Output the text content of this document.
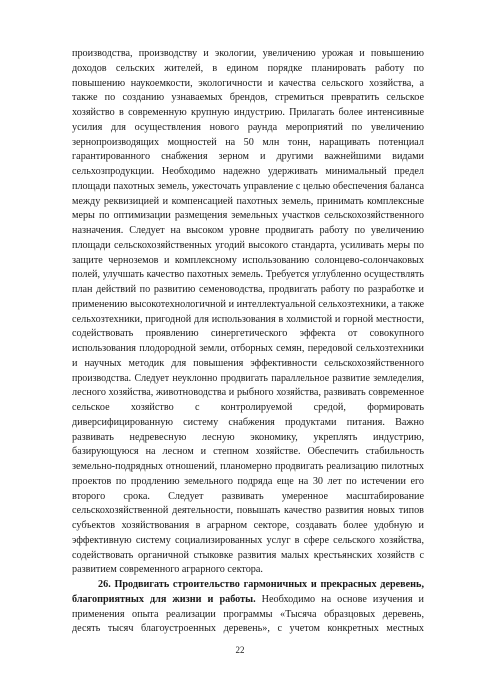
производства, производству и экологии, увеличению урожая и повышению
доходов сельских жителей, в едином порядке планировать работу по
повышению наукоемкости, экологичности и качества сельского хозяйства, а
также по созданию узнаваемых брендов, стремиться превратить сельское
хозяйство в современную крупную индустрию. Прилагать более интенсивные
усилия для осуществления нового раунда мероприятий по увеличению
зернопроизводящих мощностей на 50 млн тонн, наращивать потенциал
гарантированного снабжения зерном и другими важнейшими видами
сельхозпродукции. Необходимо надежно удерживать минимальный предел
площади пахотных земель, ужесточать управление с целью обеспечения баланса
между реквизицией и компенсацией пахотных земель, принимать комплексные
меры по оптимизации размещения земельных участков сельскохозяйственного
назначения. Следует на высоком уровне продвигать работу по увеличению
площади сельскохозяйственных угодий высокого стандарта, усиливать меры по
защите черноземов и комплексному использованию солонцево-солончаковых
полей, улучшать качество пахотных земель. Требуется углубленно осуществлять
план действий по развитию семеноводства, продвигать работу по разработке и
применению высокотехнологичной и интеллектуальной сельхозтехники, а также
сельхозтехники, пригодной для использования в холмистой и горной местности,
содействовать проявлению синергетического эффекта от совокупного
использования плодородной земли, отборных семян, передовой сельхозтехники
и научных методик для повышения эффективности сельскохозяйственного
производства. Следует неуклонно продвигать параллельное развитие земледелия,
лесного хозяйства, животноводства и рыбного хозяйства, развивать современное
сельское хозяйство с контролируемой средой, формировать
диверсифицированную систему снабжения продуктами питания. Важно
развивать недревесную лесную экономику, укреплять индустрию,
базирующуюся на лесном и степном хозяйстве. Обеспечить стабильность
земельно-подрядных отношений, планомерно продвигать реализацию пилотных
проектов по продлению земельного подряда еще на 30 лет по истечении его
второго срока. Следует развивать умеренное масштабирование
сельскохозяйственной деятельности, повышать качество развития новых типов
субъектов хозяйствования в аграрном секторе, создавать более удобную и
эффективную систему социализированных услуг в сфере сельского хозяйства,
содействовать органичной стыковке развития малых крестьянских хозяйств с
развитием современного аграрного сектора.
26. Продвигать строительство гармоничных и прекрасных деревень,
благоприятных для жизни и работы. Необходимо на основе изучения и
применения опыта реализации программы «Тысяча образцовых деревень,
десять тысяч благоустроенных деревень», с учетом конкретных местных
22
